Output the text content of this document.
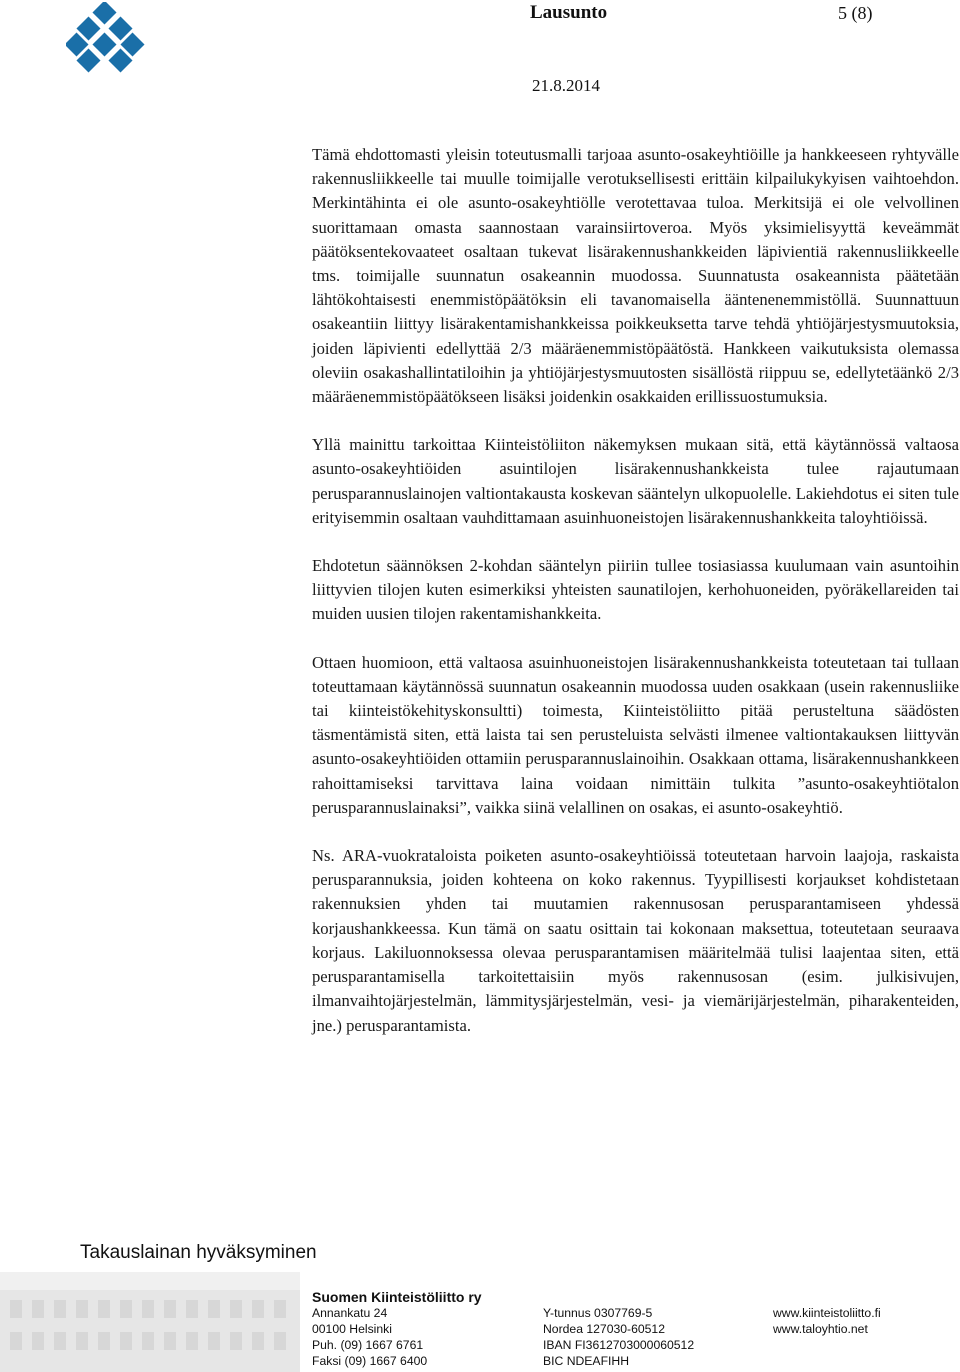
Lausunto	5 (8)
21.8.2014

Tämä ehdottomasti yleisin toteutusmalli tarjoaa asunto-osakeyhtiöille ja hankkeeseen ryhtyvälle rakennusliikkeelle tai muulle toimijalle verotuksellisesti erittäin kilpailukykyisen vaihtoehdon. Merkintähinta ei ole asunto-osakeyhtiölle verotettavaa tuloa. Merkitsijä ei ole velvollinen suorittamaan omasta saannostaan varainsiirtoveroa. Myös yksimielisyyttä keveämmät päätöksentekovaateet osaltaan tukevat lisärakennushankkeiden läpivientiä rakennusliikkeelle tms. toimijalle suunnatun osakeannin muodossa. Suunnatusta osakeannista päätetään lähtökohtaisesti enemmistöpäätöksin eli tavanomaisella ääntenenemmistöllä. Suunnattuun osakeantiin liittyy lisärakentamishankkeissa poikkeuksetta tarve tehdä yhtiöjärjestysmuutoksia, joiden läpivienti edellyttää 2/3 määräenemmistöpäätöstä. Hankkeen vaikutuksista olemassa oleviin osakashallintatiloihin ja yhtiöjärjestysmuutosten sisällöstä riippuu se, edellytetäänkö 2/3 määräenemmistöpäätökseen lisäksi joidenkin osakkaiden erillissuostumuksia.

Yllä mainittu tarkoittaa Kiinteistöliiton näkemyksen mukaan sitä, että käytännössä valtaosa asunto-osakeyhtiöiden asuintilojen lisärakennushankkeista tulee rajautumaan perusparannuslainojen valtiontakausta koskevan sääntelyn ulkopuolelle. Lakiehdotus ei siten tule erityisemmin osaltaan vauhdittamaan asuinhuoneistojen lisärakennushankkeita taloyhtiöissä.

Ehdotetun säännöksen 2-kohdan sääntelyn piiriin tullee tosiasiassa kuulumaan vain asuntoihin liittyvien tilojen kuten esimerkiksi yhteisten saunatilojen, kerhohuoneiden, pyöräkellareiden tai muiden uusien tilojen rakentamishankkeita.

Ottaen huomioon, että valtaosa asuinhuoneistojen lisärakennushankkeista toteutetaan tai tullaan toteuttamaan käytännössä suunnatun osakeannin muodossa uuden osakkaan (usein rakennusliike tai kiinteistökehityskonsultti) toimesta, Kiinteistöliitto pitää perusteltuna säädösten täsmentämistä siten, että laista tai sen perusteluista selvästi ilmenee valtiontakauksen liittyvän asunto-osakeyhtiöiden ottamiin perusparannuslainoihin. Osakkaan ottama, lisärakennushankkeen rahoittamiseksi tarvittava laina voidaan nimittäin tulkita ”asunto-osakeyhtiötalon perusparannuslainaksi”, vaikka siinä velallinen on osakas, ei asunto-osakeyhtiö.

Ns. ARA-vuokrataloista poiketen asunto-osakeyhtiöissä toteutetaan harvoin laajoja, raskaista perusparannuksia, joiden kohteena on koko rakennus. Tyypillisesti korjaukset kohdistetaan rakennuksien yhden tai muutamien rakennusosan perusparantamiseen yhdessä korjaushankkeessa. Kun tämä on saatu osittain tai kokonaan maksettua, toteutetaan seuraava korjaus. Lakiluonnoksessa olevaa perusparantamisen määritelmää tulisi laajentaa siten, että perusparantamisella tarkoitettaisiin myös rakennusosan (esim. julkisivujen, ilmanvaihtojärjestelmän, lämmitysjärjestelmän, vesi- ja viemärijärjestelmän, piharakenteiden, jne.) perusparantamista.

Takauslainan hyväksyminen
Suomen Kiinteistöliitto ry
Annankatu 24
00100 Helsinki
Puh. (09) 1667 6761
Faksi (09) 1667 6400
Y-tunnus 0307769-5
Nordea 127030-60512
IBAN FI3612703000060512
BIC NDEAFIHH
www.kiinteistoliitto.fi
www.taloyhtio.net
